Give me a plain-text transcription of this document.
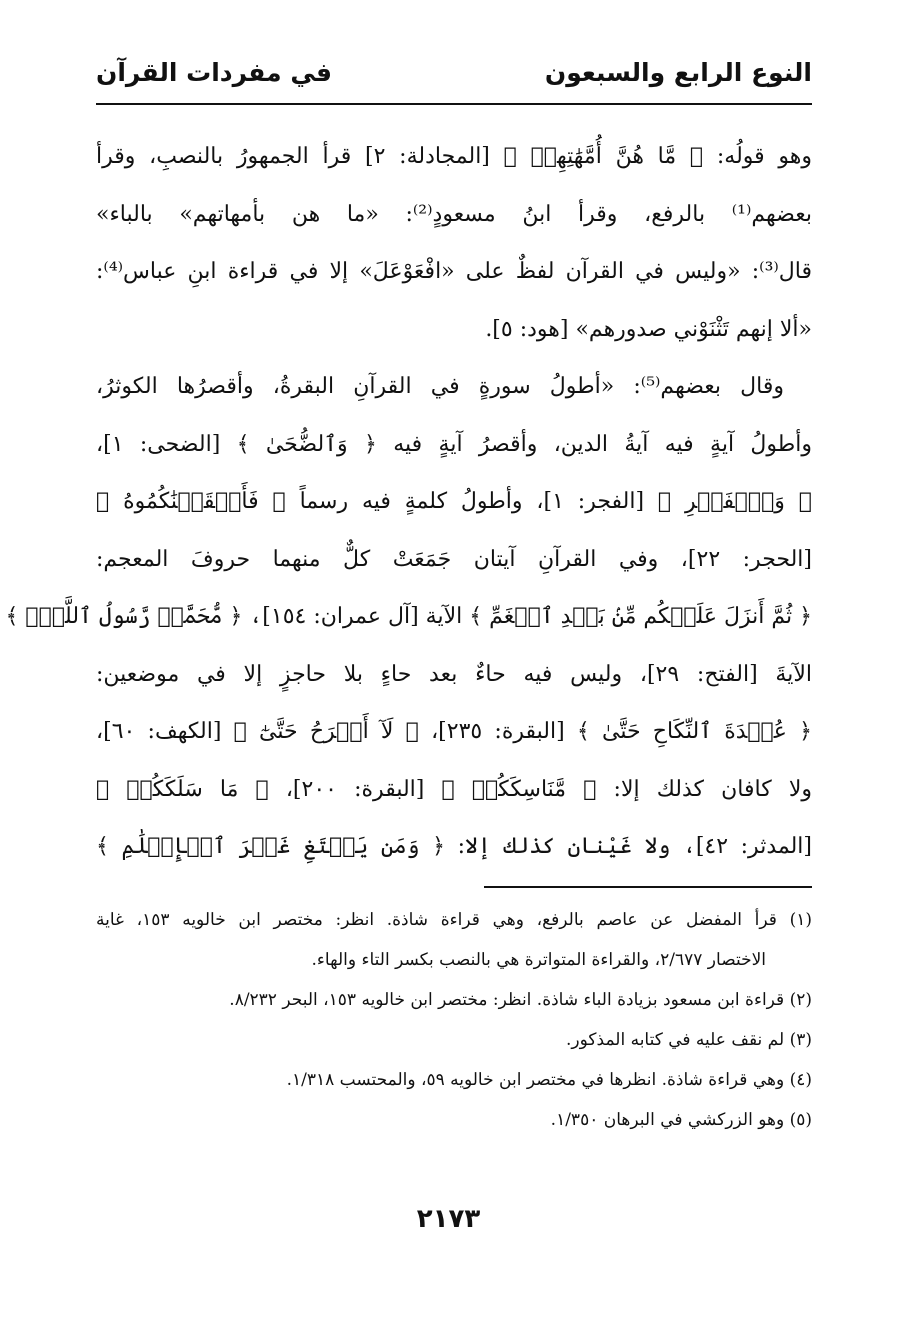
النوع الرابع والسبعون
في مفردات القرآن
وهو قولُه: ﴿ مَّا هُنَّ أُمَّهَٰتِهِمۡ ﴾ [المجادلة: ٢] قرأ الجمهورُ بالنصبِ، وقرأ
بعضهم⁽¹⁾ بالرفع، وقرأ ابنُ مسعودٍ⁽²⁾: «ما هن بأمهاتهم» بالباء»
قال⁽³⁾: «وليس في القرآن لفظٌ على «افْعَوْعَلَ» إلا في قراءة ابنِ عباس⁽⁴⁾:
«ألا إنهم تَثْنَوْني صدورهم» [هود: ٥].
وقال بعضهم⁽⁵⁾: «أطولُ سورةٍ في القرآنِ البقرةُ، وأقصرُها الكوثرُ،
وأطولُ آيةٍ فيه آيةُ الدين، وأقصرُ آيةٍ فيه ﴿ وَٱلضُّحَىٰ ﴾ [الضحى: ١]،
﴿ وَٱلۡفَجۡرِ ﴾ [الفجر: ١]، وأطولُ كلمةٍ فيه رسماً ﴿ فَأَسۡقَيۡنَٰكُمُوهُ ﴾
[الحجر: ٢٢]، وفي القرآنِ آيتان جَمَعَتْ كلٌّ منهما حروفَ المعجم:
﴿ ثُمَّ أَنزَلَ عَلَيۡكُم مِّنۢ بَعۡدِ ٱلۡغَمِّ ﴾ الآية [آل عمران: ١٥٤]، ﴿ مُّحَمَّدٞ رَّسُولُ ٱللَّهِۚ ﴾
الآيةَ [الفتح: ٢٩]، وليس فيه حاءٌ بعد حاءٍ بلا حاجزٍ إلا في موضعين:
﴿ عُقۡدَةَ ٱلنِّكَاحِ حَتَّىٰ ﴾ [البقرة: ٢٣٥]، ﴿ لَآ أَبۡرَحُ حَتَّىٰٓ ﴾ [الكهف: ٦٠]،
ولا كافان كذلك إلا: ﴿ مَّنَاسِكَكُمۡ ﴾ [البقرة: ٢٠٠]، ﴿ مَا سَلَكَكُمۡ ﴾
[المدثر: ٤٢]، ولا غَيْنان كذلك إلا: ﴿ وَمَن يَبۡتَغِ غَيۡرَ ٱلۡإِسۡلَٰمِ ﴾
(١) قرأ المفضل عن عاصم بالرفع، وهي قراءة شاذة. انظر: مختصر ابن خالويه ١٥٣، غاية
الاختصار ٢/٦٧٧، والقراءة المتواترة هي بالنصب بكسر التاء والهاء.
(٢) قراءة ابن مسعود بزيادة الباء شاذة. انظر: مختصر ابن خالويه ١٥٣، البحر ٨/٢٣٢.
(٣) لم نقف عليه في كتابه المذكور.
(٤) وهي قراءة شاذة. انظرها في مختصر ابن خالويه ٥٩، والمحتسب ١/٣١٨.
(٥) وهو الزركشي في البرهان ١/٣٥٠.
٢١٧٣
